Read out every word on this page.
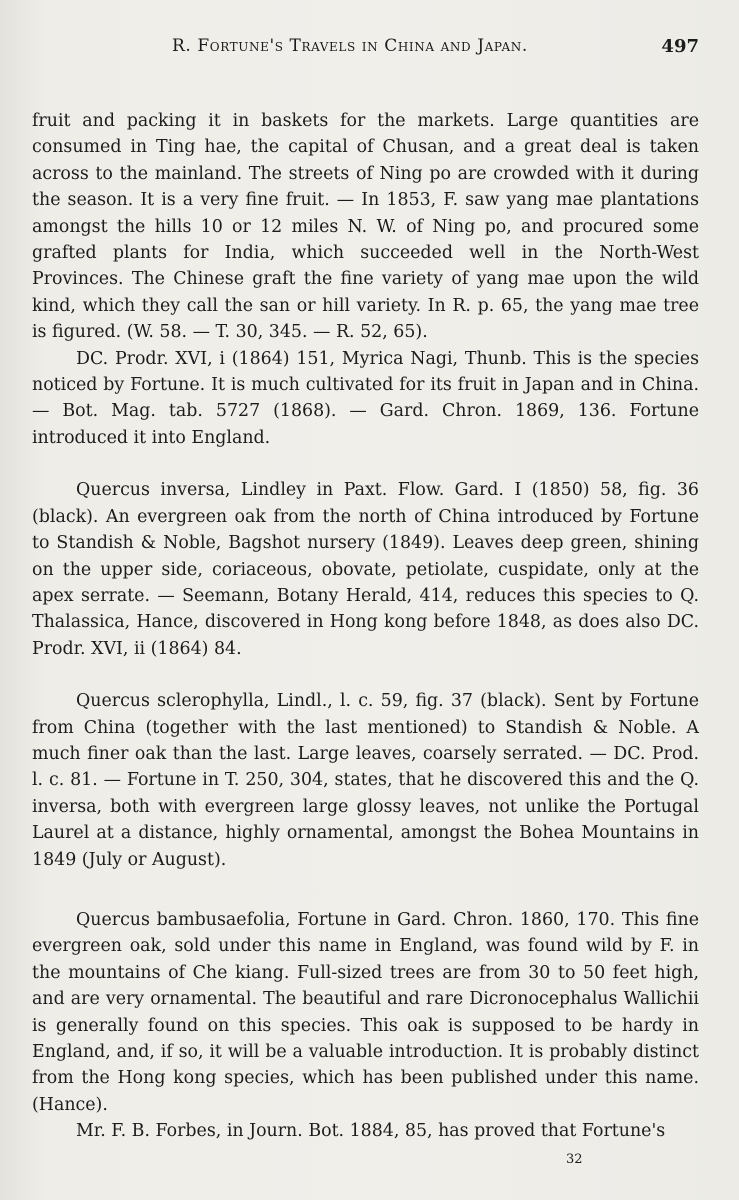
R. Fortune's Travels in China and Japan.	497

fruit and packing it in baskets for the markets. Large quantities are consumed in Ting hae, the capital of Chusan, and a great deal is taken across to the mainland. The streets of Ning po are crowded with it during the season. It is a very fine fruit. — In 1853, F. saw yang mae plantations amongst the hills 10 or 12 miles N. W. of Ning po, and procured some grafted plants for India, which succeeded well in the North-West Provinces. The Chinese graft the fine variety of yang mae upon the wild kind, which they call the san or hill variety. In R. p. 65, the yang mae tree is figured. (W. 58. — T. 30, 345. — R. 52, 65).

DC. Prodr. XVI, i (1864) 151, Myrica Nagi, Thunb. This is the species noticed by Fortune. It is much cultivated for its fruit in Japan and in China. — Bot. Mag. tab. 5727 (1868). — Gard. Chron. 1869, 136. Fortune introduced it into England.

Quercus inversa, Lindley in Paxt. Flow. Gard. I (1850) 58, fig. 36 (black). An evergreen oak from the north of China introduced by Fortune to Standish & Noble, Bagshot nursery (1849). Leaves deep green, shining on the upper side, coriaceous, obovate, petiolate, cuspidate, only at the apex serrate. — Seemann, Botany Herald, 414, reduces this species to Q. Thalassica, Hance, discovered in Hong kong before 1848, as does also DC. Prodr. XVI, ii (1864) 84.

Quercus sclerophylla, Lindl., l. c. 59, fig. 37 (black). Sent by Fortune from China (together with the last mentioned) to Standish & Noble. A much finer oak than the last. Large leaves, coarsely serrated. — DC. Prod. l. c. 81. — Fortune in T. 250, 304, states, that he discovered this and the Q. inversa, both with evergreen large glossy leaves, not unlike the Portugal Laurel at a distance, highly ornamental, amongst the Bohea Mountains in 1849 (July or August).

Quercus bambusaefolia, Fortune in Gard. Chron. 1860, 170. This fine evergreen oak, sold under this name in England, was found wild by F. in the mountains of Che kiang. Full-sized trees are from 30 to 50 feet high, and are very ornamental. The beautiful and rare Dicronocephalus Wallichii is generally found on this species. This oak is supposed to be hardy in England, and, if so, it will be a valuable introduction. It is probably distinct from the Hong kong species, which has been published under this name. (Hance).

Mr. F. B. Forbes, in Journ. Bot. 1884, 85, has proved that Fortune's

32
